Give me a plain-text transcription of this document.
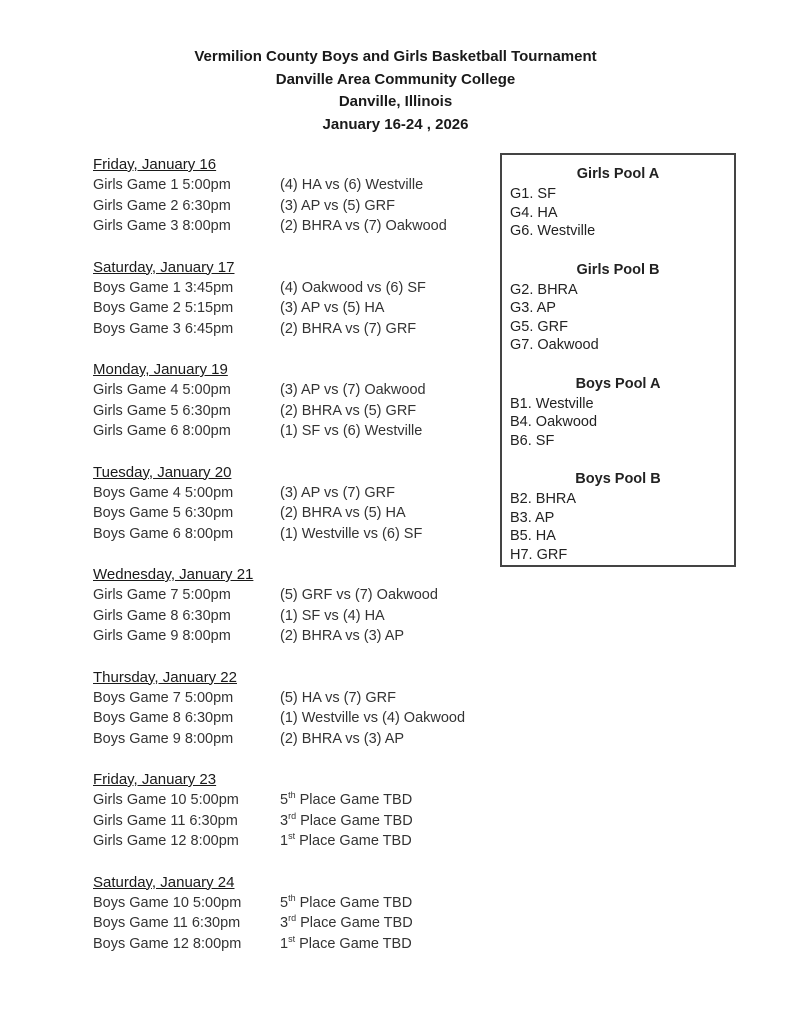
Vermilion County Boys and Girls Basketball Tournament
Danville Area Community College
Danville, Illinois
January 16-24 , 2026
Friday, January 16
Girls Game 1 5:00pm	(4) HA vs (6) Westville
Girls Game 2 6:30pm	(3) AP vs (5) GRF
Girls Game 3 8:00pm	(2) BHRA vs (7) Oakwood
Saturday, January 17
Boys Game 1 3:45pm	(4) Oakwood vs (6) SF
Boys Game 2 5:15pm	(3) AP vs (5) HA
Boys Game 3 6:45pm	(2) BHRA vs (7) GRF
Monday, January 19
Girls Game 4 5:00pm	(3) AP vs (7) Oakwood
Girls Game 5 6:30pm	(2) BHRA vs (5) GRF
Girls Game 6 8:00pm	(1) SF vs (6) Westville
Tuesday, January 20
Boys Game 4 5:00pm	(3) AP vs (7) GRF
Boys Game 5 6:30pm	(2) BHRA vs (5) HA
Boys Game 6 8:00pm	(1) Westville vs (6) SF
Wednesday, January 21
Girls Game 7 5:00pm	(5) GRF vs (7) Oakwood
Girls Game 8 6:30pm	(1) SF vs (4) HA
Girls Game 9 8:00pm	(2) BHRA vs (3) AP
Thursday, January 22
Boys Game 7 5:00pm	(5) HA vs (7) GRF
Boys Game 8 6:30pm	(1) Westville vs (4) Oakwood
Boys Game 9 8:00pm	(2) BHRA vs (3) AP
Friday, January 23
Girls Game 10 5:00pm	5th Place Game TBD
Girls Game 11 6:30pm	3rd Place Game TBD
Girls Game 12 8:00pm	1st Place Game TBD
Saturday, January 24
Boys Game 10 5:00pm	5th Place Game TBD
Boys Game 11 6:30pm	3rd Place Game TBD
Boys Game 12 8:00pm	1st Place Game TBD
Girls Pool A
G1. SF
G4. HA
G6. Westville
Girls Pool B
G2. BHRA
G3. AP
G5. GRF
G7. Oakwood
Boys Pool A
B1. Westville
B4. Oakwood
B6. SF
Boys Pool B
B2. BHRA
B3. AP
B5. HA
H7. GRF
